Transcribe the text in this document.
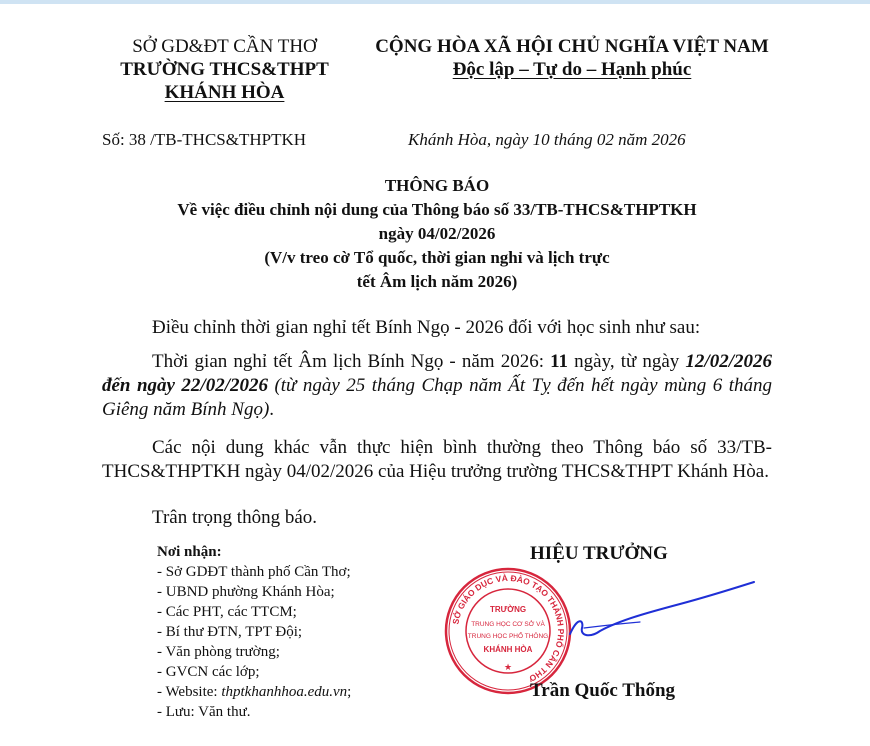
SỞ GD&ĐT CẦN THƠ
TRƯỜNG THCS&THPT
KHÁNH HÒA
CỘNG HÒA XÃ HỘI CHỦ NGHĨA VIỆT NAM
Độc lập – Tự do – Hạnh phúc
Số: 38 /TB-THCS&THPTKH	Khánh Hòa, ngày 10 tháng 02 năm 2026
THÔNG BÁO
Về việc điều chỉnh nội dung của Thông báo số 33/TB-THCS&THPTKH
ngày 04/02/2026
(V/v treo cờ Tổ quốc, thời gian nghỉ và lịch trực
tết Âm lịch năm 2026)
Điều chỉnh thời gian nghỉ tết Bính Ngọ - 2026 đối với học sinh như sau:
Thời gian nghỉ tết Âm lịch Bính Ngọ - năm 2026: 11 ngày, từ ngày 12/02/2026 đến ngày 22/02/2026 (từ ngày 25 tháng Chạp năm Ất Tỵ đến hết ngày mùng 6 tháng Giêng năm Bính Ngọ).
Các nội dung khác vẫn thực hiện bình thường theo Thông báo số 33/TB-THCS&THPTKH ngày 04/02/2026 của Hiệu trưởng trường THCS&THPT Khánh Hòa.
Trân trọng thông báo.
Nơi nhận:
- Sở GDĐT thành phố Cần Thơ;
- UBND phường Khánh Hòa;
- Các PHT, các TTCM;
- Bí thư ĐTN, TPT Đội;
- Văn phòng trường;
- GVCN các lớp;
- Website: thptkhanhhoa.edu.vn;
- Lưu: Văn thư.
HIỆU TRƯỞNG
SỞ GIÁO DỤC VÀ ĐÀO TẠO THÀNH PHỐ CẦN THƠ
TRƯỜNG
TRUNG HỌC CƠ SỞ VÀ
TRUNG HỌC PHỔ THÔNG
KHÁNH HÒA
★
Trần Quốc Thống
